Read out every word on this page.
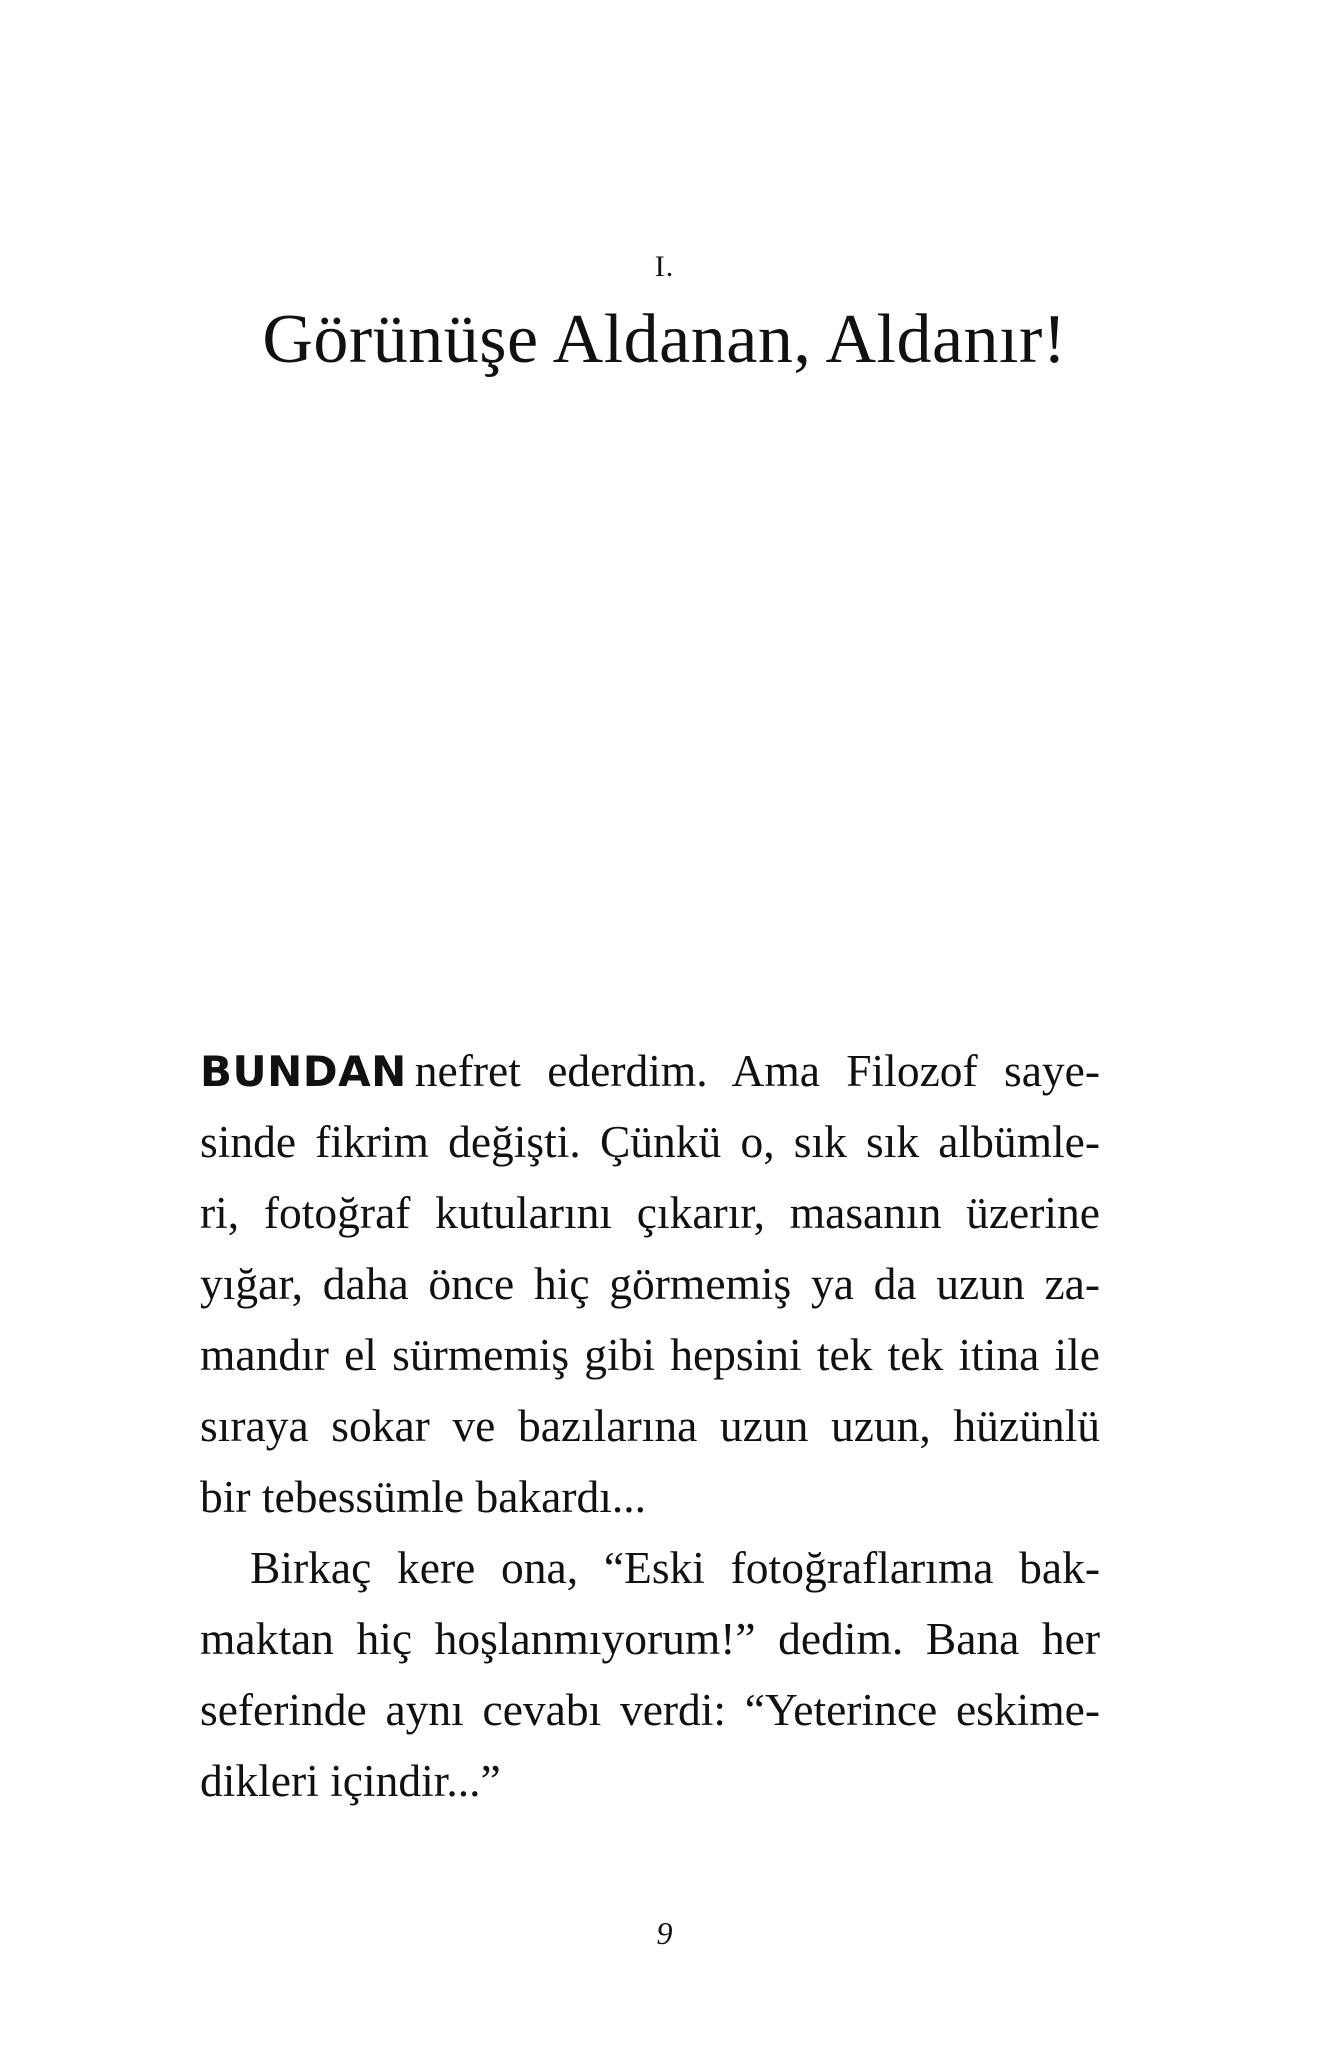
I.
Görünüşe Aldanan, Aldanır!
BUNDAN nefret ederdim. Ama Filozof saye-
sinde fikrim değişti. Çünkü o, sık sık albümle-
ri, fotoğraf kutularını çıkarır, masanın üzerine
yığar, daha önce hiç görmemiş ya da uzun za-
mandır el sürmemiş gibi hepsini tek tek itina ile
sıraya sokar ve bazılarına uzun uzun, hüzünlü
bir tebessümle bakardı...
Birkaç kere ona, “Eski fotoğraflarıma bak-
maktan hiç hoşlanmıyorum!” dedim. Bana her
seferinde aynı cevabı verdi: “Yeterince eskime-
dikleri içindir...”
9
